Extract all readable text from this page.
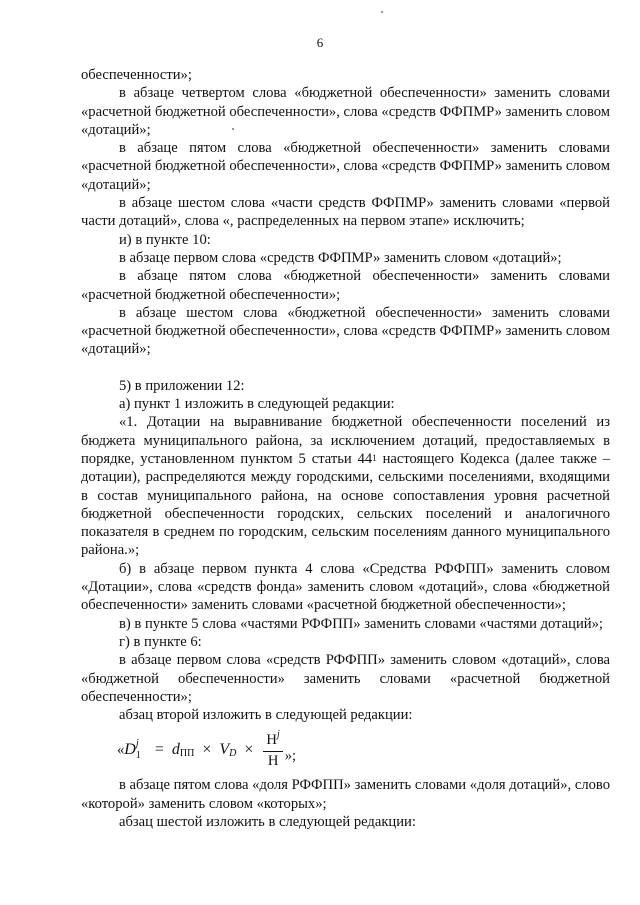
6

обеспеченности»;

в абзаце четвертом слова «бюджетной обеспеченности» заменить словами «расчетной бюджетной обеспеченности», слова «средств ФФПМР» заменить словом «дотаций»;

в абзаце пятом слова «бюджетной обеспеченности» заменить словами «расчетной бюджетной обеспеченности», слова «средств ФФПМР» заменить словом «дотаций»;

в абзаце шестом слова «части средств ФФПМР» заменить словами «первой части дотаций», слова «, распределенных на первом этапе» исключить;

и) в пункте 10:

в абзаце первом слова «средств ФФПМР» заменить словом «дотаций»;

в абзаце пятом слова «бюджетной обеспеченности» заменить словами «расчетной бюджетной обеспеченности»;

в абзаце шестом слова «бюджетной обеспеченности» заменить словами «расчетной бюджетной обеспеченности», слова «средств ФФПМР» заменить словом «дотаций»;

5) в приложении 12:

а) пункт 1 изложить в следующей редакции:

«1. Дотации на выравнивание бюджетной обеспеченности поселений из бюджета муниципального района, за исключением дотаций, предоставляемых в порядке, установленном пунктом 5 статьи $44^1$ настоящего Кодекса (далее также – дотации), распределяются между городскими, сельскими поселениями, входящими в состав муниципального района, на основе сопоставления уровня расчетной бюджетной обеспеченности городских, сельских поселений и аналогичного показателя в среднем по городским, сельским поселениям данного муниципального района.»;

б) в абзаце первом пункта 4 слова «Средства РФФПП» заменить словом «Дотации», слова «средств фонда» заменить словом «дотаций», слова «бюджетной обеспеченности» заменить словами «расчетной бюджетной обеспеченности»;

в) в пункте 5 слова «частями РФФПП» заменить словами «частями дотаций»;

г) в пункте 6:

в абзаце первом слова «средств РФФПП» заменить словом «дотаций», слова «бюджетной обеспеченности» заменить словами «расчетной бюджетной обеспеченности»;

абзац второй изложить в следующей редакции:

« D j
1 = d ПП × V $D \times \frac{Н^j}{Н}$ »;

в абзаце пятом слова «доля РФФПП» заменить словами «доля дотаций», слово «которой» заменить словом «которых»;

абзац шестой изложить в следующей редакции:
